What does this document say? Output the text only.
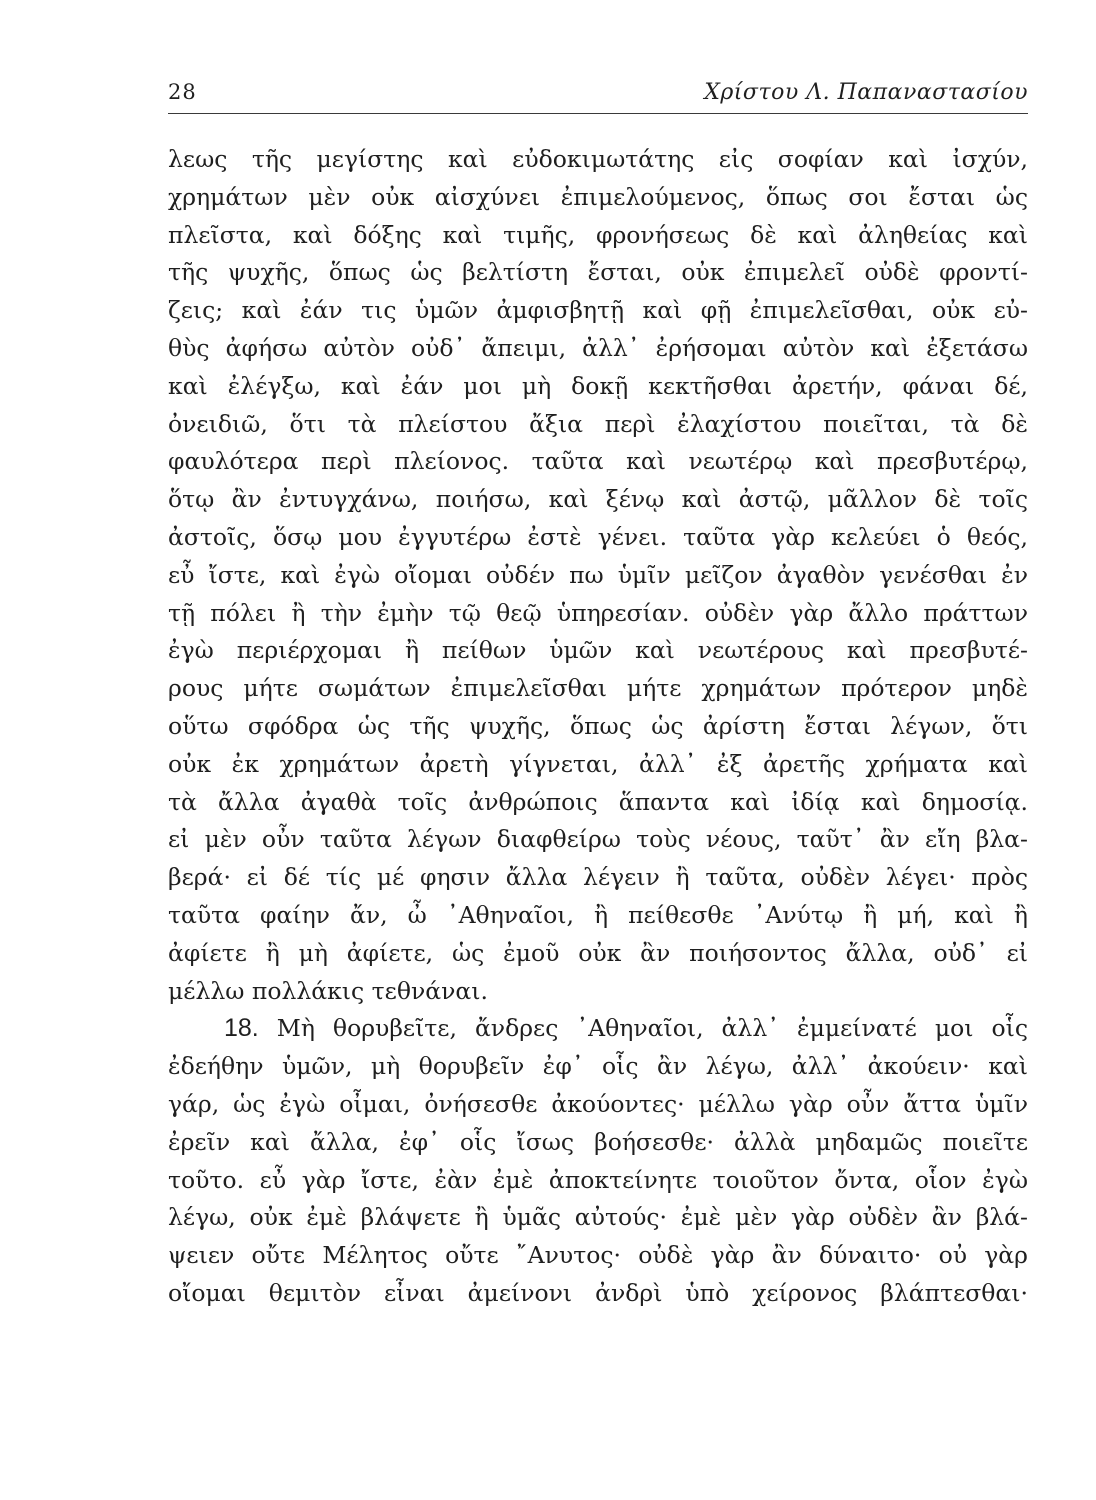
28	Χρίστου Λ. Παπαναστασίου
λεως τῆς μεγίστης καὶ εὐδοκιμωτάτης εἰς σοφίαν καὶ ἰσχύν,
χρημάτων μὲν οὐκ αἰσχύνει ἐπιμελούμενος, ὅπως σοι ἔσται ὡς
πλεῖστα, καὶ δόξης καὶ τιμῆς, φρονήσεως δὲ καὶ ἀληθείας καὶ
τῆς ψυχῆς, ὅπως ὡς βελτίστη ἔσται, οὐκ ἐπιμελεῖ οὐδὲ φροντί-
ζεις; καὶ ἐάν τις ὑμῶν ἀμφισβητῇ καὶ φῇ ἐπιμελεῖσθαι, οὐκ εὐ-
θὺς ἀφήσω αὐτὸν οὐδ᾿ ἄπειμι, ἀλλ᾿ ἐρήσομαι αὐτὸν καὶ ἐξετάσω
καὶ ἐλέγξω, καὶ ἐάν μοι μὴ δοκῇ κεκτῆσθαι ἀρετήν, φάναι δέ,
ὀνειδιῶ, ὅτι τὰ πλείστου ἄξια περὶ ἐλαχίστου ποιεῖται, τὰ δὲ
φαυλότερα περὶ πλείονος. ταῦτα καὶ νεωτέρῳ καὶ πρεσβυτέρῳ,
ὅτῳ ἂν ἐντυγχάνω, ποιήσω, καὶ ξένῳ καὶ ἀστῷ, μᾶλλον δὲ τοῖς
ἀστοῖς, ὅσῳ μου ἐγγυτέρω ἐστὲ γένει. ταῦτα γὰρ κελεύει ὁ θεός,
εὖ ἴστε, καὶ ἐγὼ οἴομαι οὐδέν πω ὑμῖν μεῖζον ἀγαθὸν γενέσθαι ἐν
τῇ πόλει ἢ τὴν ἐμὴν τῷ θεῷ ὑπηρεσίαν. οὐδὲν γὰρ ἄλλο πράττων
ἐγὼ περιέρχομαι ἢ πείθων ὑμῶν καὶ νεωτέρους καὶ πρεσβυτέ-
ρους μήτε σωμάτων ἐπιμελεῖσθαι μήτε χρημάτων πρότερον μηδὲ
οὕτω σφόδρα ὡς τῆς ψυχῆς, ὅπως ὡς ἀρίστη ἔσται λέγων, ὅτι
οὐκ ἐκ χρημάτων ἀρετὴ γίγνεται, ἀλλ᾿ ἐξ ἀρετῆς χρήματα καὶ
τὰ ἄλλα ἀγαθὰ τοῖς ἀνθρώποις ἅπαντα καὶ ἰδίᾳ καὶ δημοσίᾳ.
εἰ μὲν οὖν ταῦτα λέγων διαφθείρω τοὺς νέους, ταῦτ᾿ ἂν εἴη βλα-
βερά· εἰ δέ τίς μέ φησιν ἄλλα λέγειν ἢ ταῦτα, οὐδὲν λέγει· πρὸς
ταῦτα φαίην ἄν, ὦ ᾿Αθηναῖοι, ἢ πείθεσθε ᾿Ανύτῳ ἢ μή, καὶ ἢ
ἀφίετε ἢ μὴ ἀφίετε, ὡς ἐμοῦ οὐκ ἂν ποιήσοντος ἄλλα, οὐδ᾿ εἰ
μέλλω πολλάκις τεθνάναι.
18. Μὴ θορυβεῖτε, ἄνδρες ᾿Αθηναῖοι, ἀλλ᾿ ἐμμείνατέ μοι οἷς
ἐδεήθην ὑμῶν, μὴ θορυβεῖν ἐφ᾿ οἷς ἂν λέγω, ἀλλ᾿ ἀκούειν· καὶ
γάρ, ὡς ἐγὼ οἶμαι, ὀνήσεσθε ἀκούοντες· μέλλω γὰρ οὖν ἄττα ὑμῖν
ἐρεῖν καὶ ἄλλα, ἐφ᾿ οἷς ἴσως βοήσεσθε· ἀλλὰ μηδαμῶς ποιεῖτε
τοῦτο. εὖ γὰρ ἴστε, ἐὰν ἐμὲ ἀποκτείνητε τοιοῦτον ὄντα, οἷον ἐγὼ
λέγω, οὐκ ἐμὲ βλάψετε ἢ ὑμᾶς αὐτούς· ἐμὲ μὲν γὰρ οὐδὲν ἂν βλά-
ψειεν οὔτε Μέλητος οὔτε ῎Ανυτος· οὐδὲ γὰρ ἂν δύναιτο· οὐ γὰρ
οἴομαι θεμιτὸν εἶναι ἀμείνονι ἀνδρὶ ὑπὸ χείρονος βλάπτεσθαι·
